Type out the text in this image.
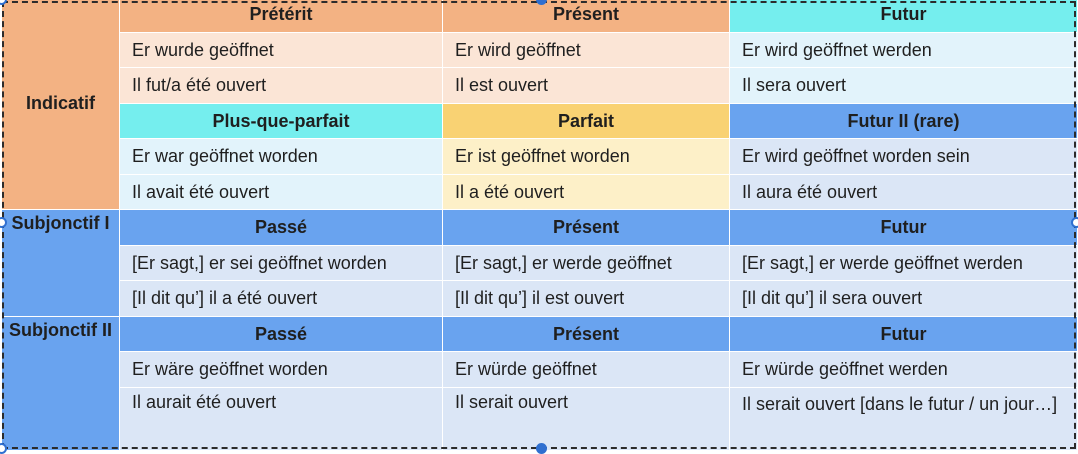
Indicatif	Prétérit	Présent	Futur
	Er wurde geöffnet	Er wird geöffnet	Er wird geöffnet werden
	Il fut/a été ouvert	Il est ouvert	Il sera ouvert
	Plus-que-parfait	Parfait	Futur II (rare)
	Er war geöffnet worden	Er ist geöffnet worden	Er wird geöffnet worden sein
	Il avait été ouvert	Il a été ouvert	Il aura été ouvert
Subjonctif I	Passé	Présent	Futur
	[Er sagt,] er sei geöffnet worden	[Er sagt,] er werde geöffnet	[Er sagt,] er werde geöffnet werden
	[Il dit qu’] il a été ouvert	[Il dit qu’] il est ouvert	[Il dit qu’] il sera ouvert
Subjonctif II	Passé	Présent	Futur
	Er wäre geöffnet worden	Er würde geöffnet	Er würde geöffnet werden
	Il aurait été ouvert	Il serait ouvert	Il serait ouvert [dans le futur / un jour…]
